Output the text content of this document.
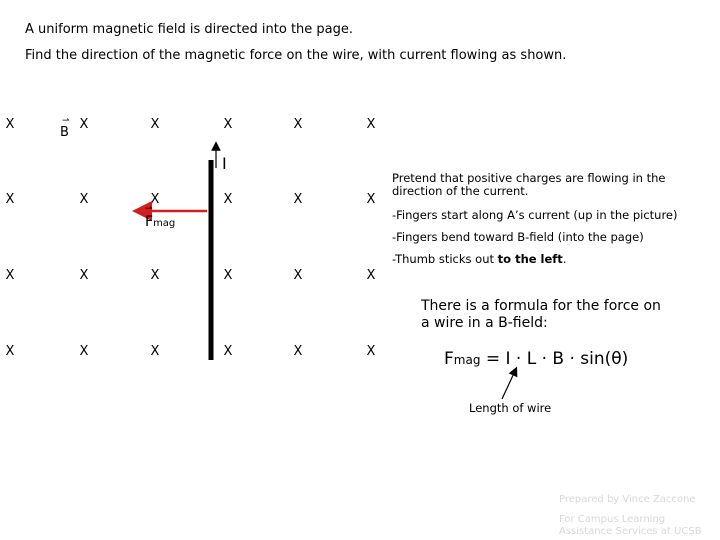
A uniform magnetic field is directed into the page.
Find the direction of the magnetic force on the wire, with current flowing as shown.
X	X	X	X	X	X
X	X	X	X	X	X
X	X	X	X	X	X
X	X	X	X	X	X
⇀
B
I
⇀
Fmag
Pretend that positive charges are flowing in the direction of the current.
-Fingers start along A’s current (up in the picture)
-Fingers bend toward B-field (into the page)
-Thumb sticks out to the left.
There is a formula for the force on a wire in a B-field:
Fmag = I · L · B · sin(θ)
Length of wire
Prepared by Vince Zaccone
For Campus Learning Assistance Services at UCSB
